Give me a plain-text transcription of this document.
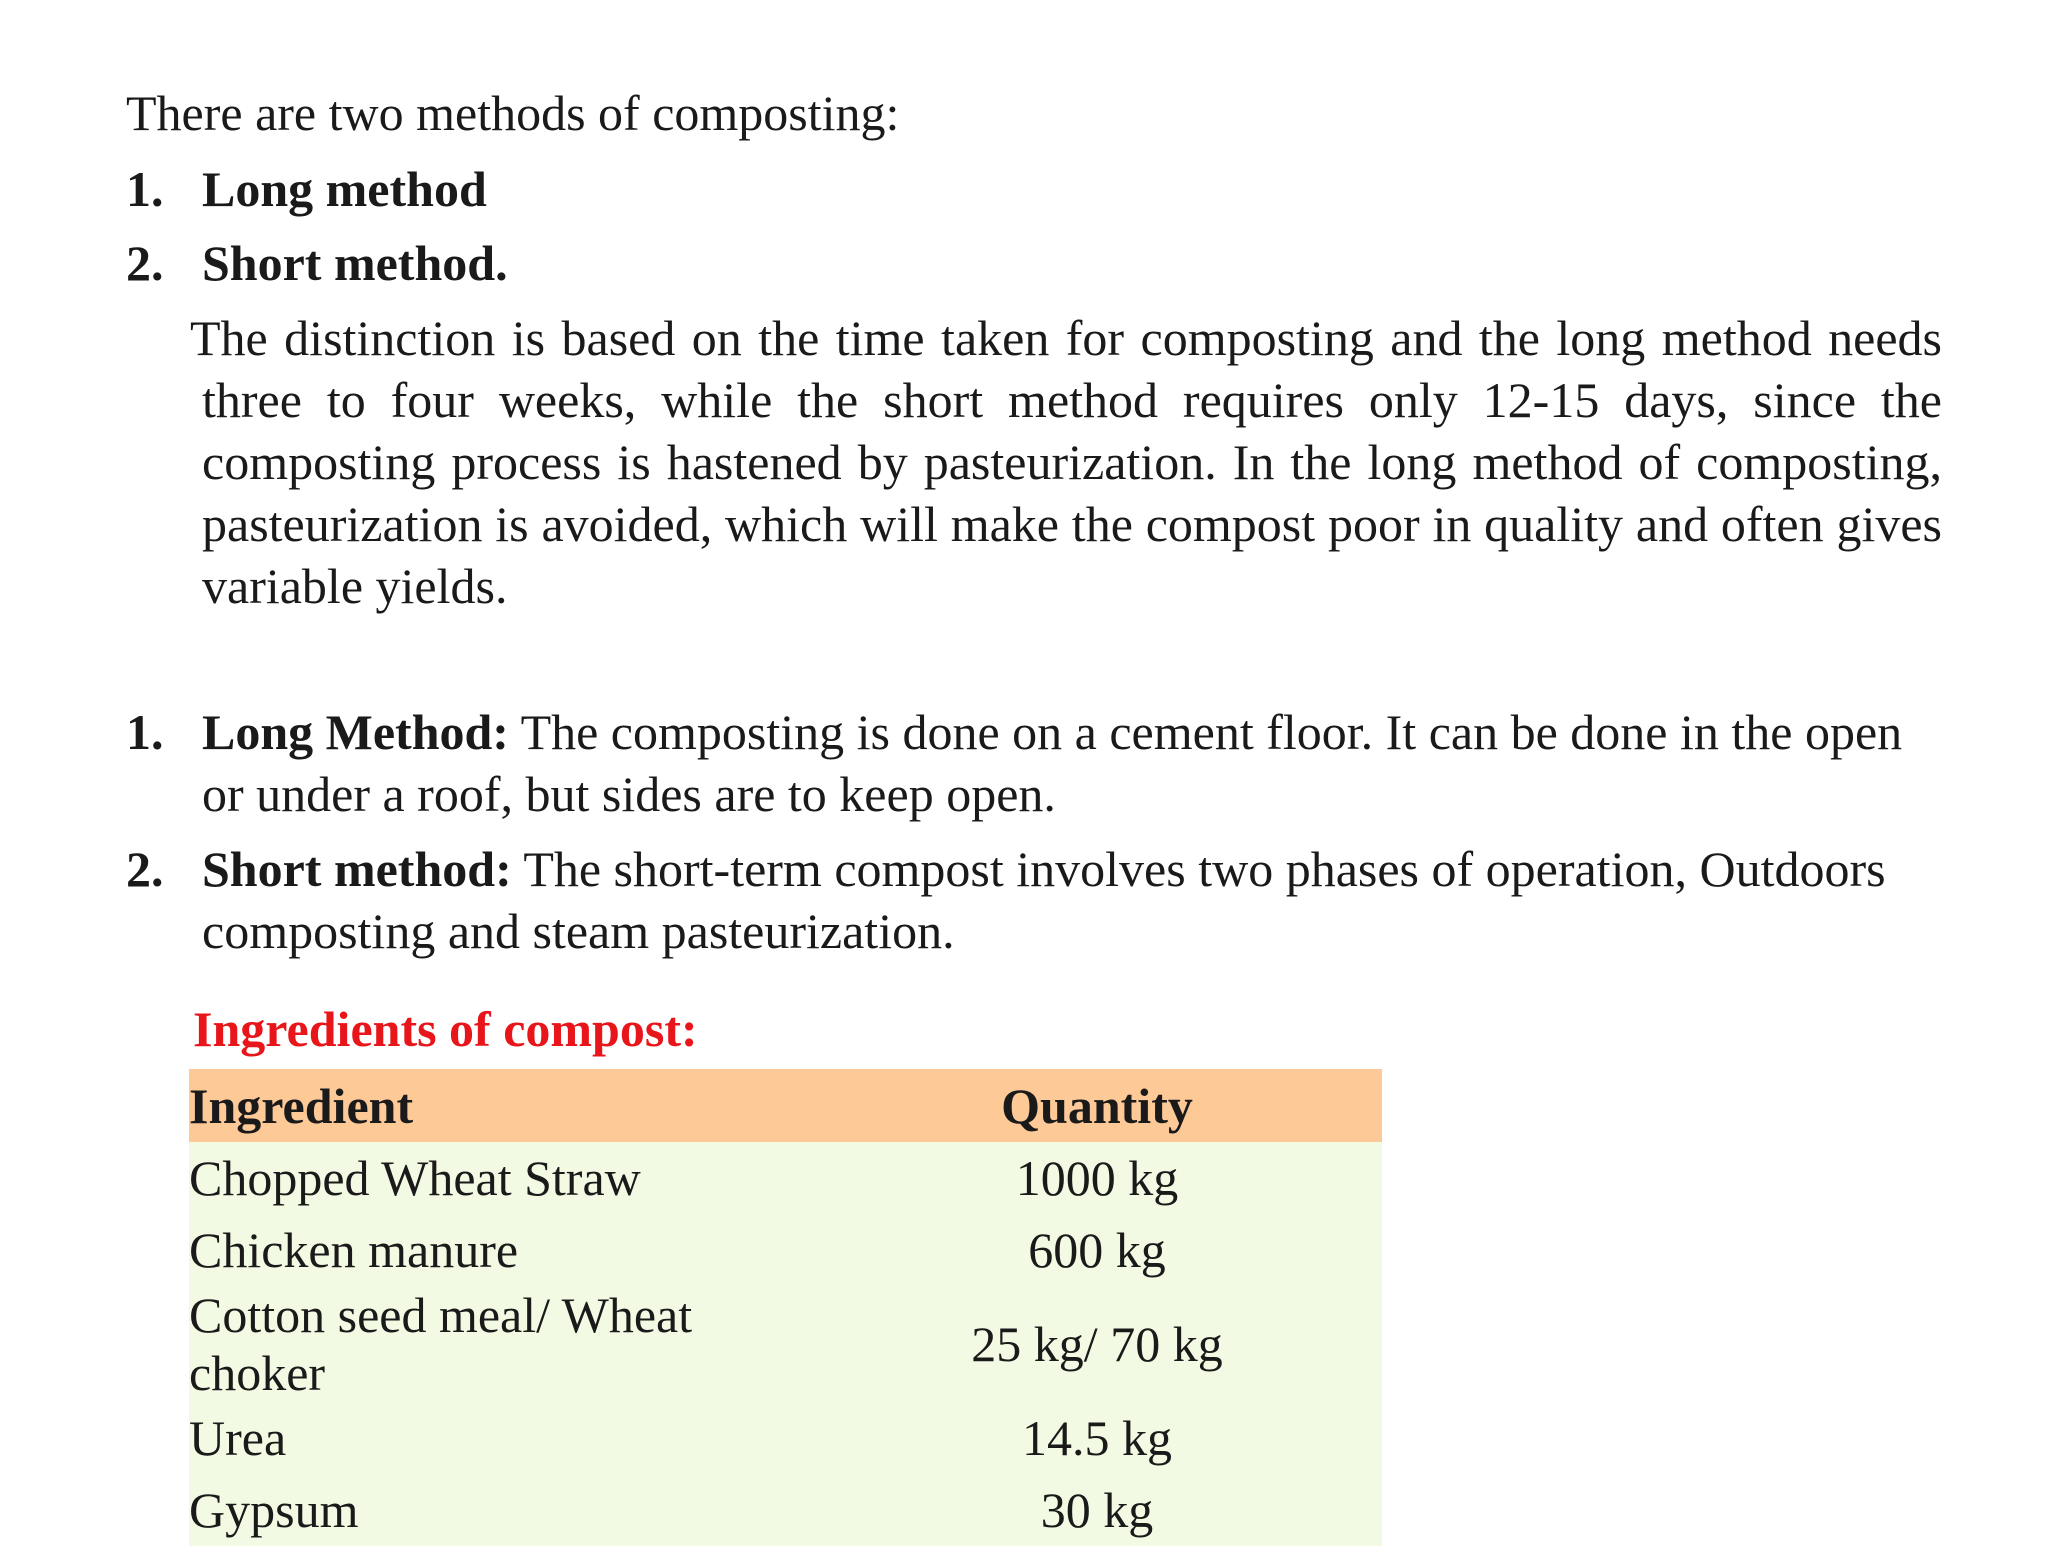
There are two methods of composting:
1. Long method
2. Short method.
The distinction is based on the time taken for composting and the long method needs three to four weeks, while the short method requires only 12-15 days, since the composting process is hastened by pasteurization. In the long method of composting, pasteurization is avoided, which will make the compost poor in quality and often gives variable yields.
1. Long Method: The composting is done on a cement floor. It can be done in the open or under a roof, but sides are to keep open.
2. Short method: The short-term compost involves two phases of operation, Outdoors composting and steam pasteurization.
Ingredients of compost:
Ingredient	Quantity
Chopped Wheat Straw	1000 kg
Chicken manure	600 kg
Cotton seed meal/ Wheat choker	25 kg/ 70 kg
Urea	14.5 kg
Gypsum	30 kg
